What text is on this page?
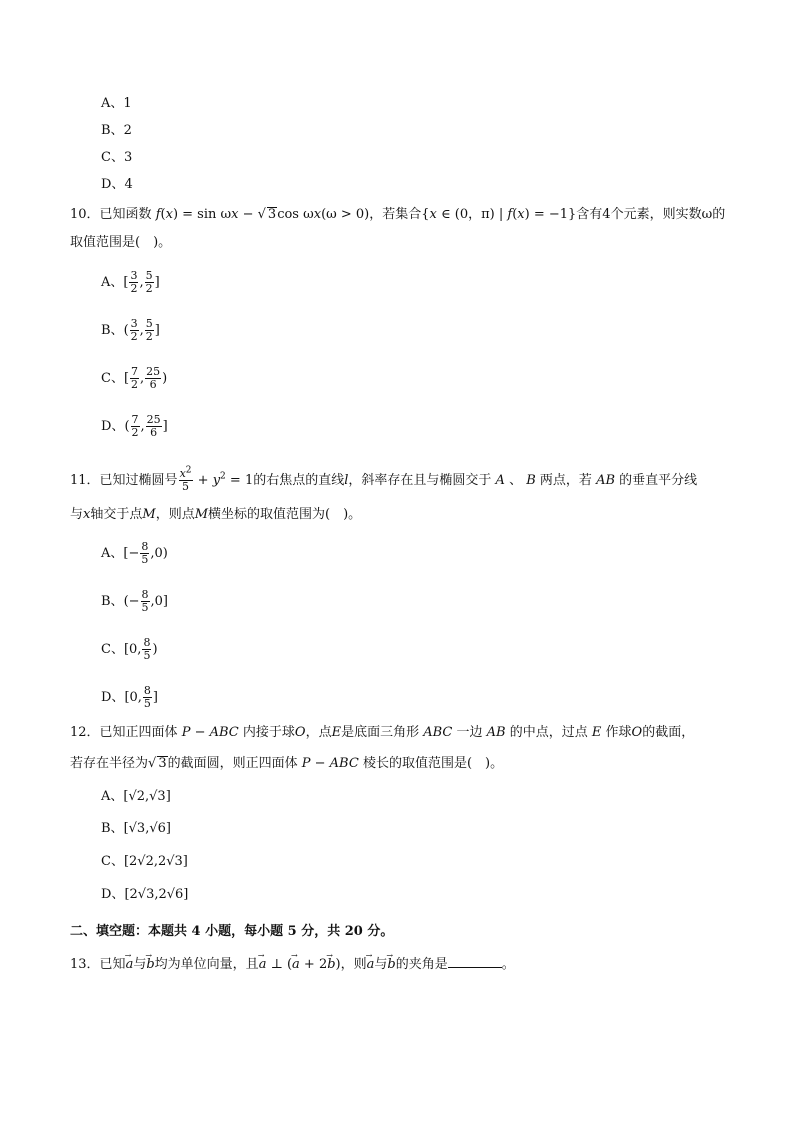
A、1
B、2
C、3
D、4
10．已知函数 f(x) = sin ωx − √ 3cos ωx(ω > 0)，若集合{x ∈ (0，π) | f(x) = −1}含有4个元素，则实数ω的
取值范围是(　)。
A、[ $\frac{3}{2}$ , $\frac{5}{2}$ ]
B、( $\frac{3}{2}$ , $\frac{5}{2}$ ]
C、[ $\frac{7}{2}$ , $\frac{25}{6}$ )
D、( $\frac{7}{2}$ , $\frac{25}{6}$ ]
11．已知过椭圆号 $\frac{x^2}{5} + y^2 = 1$的右焦点的直线l，斜率存在且与椭圆交于 A 、 B 两点，若 AB 的垂直平分线
与x轴交于点M，则点M横坐标的取值范围为(　)。
A、[− $\frac{8}{5} ,0$)
B、(− $\frac{8}{5} ,0$]
C、[0, $\frac{8}{5}$ )
D、[0, $\frac{8}{5}$ ]
12．已知正四面体 P − ABC 内接于球O，点E是底面三角形 ABC 一边 AB 的中点，过点 E 作球O的截面，
若存在半径为√ 3的截面圆，则正四面体 P − ABC 棱长的取值范围是(　)。
A、[√2,√3]
B、[√3,√6]
C、[2√2,2√3]
D、[2√3,2√6]
二、填空题：本题共 4 小题，每小题 5 分，共 20 分。
13．已知→ a与→ b均为单位向量，且→ a ⊥ (→ a + 2→ b)，则→ a与→ b的夹角是	。
